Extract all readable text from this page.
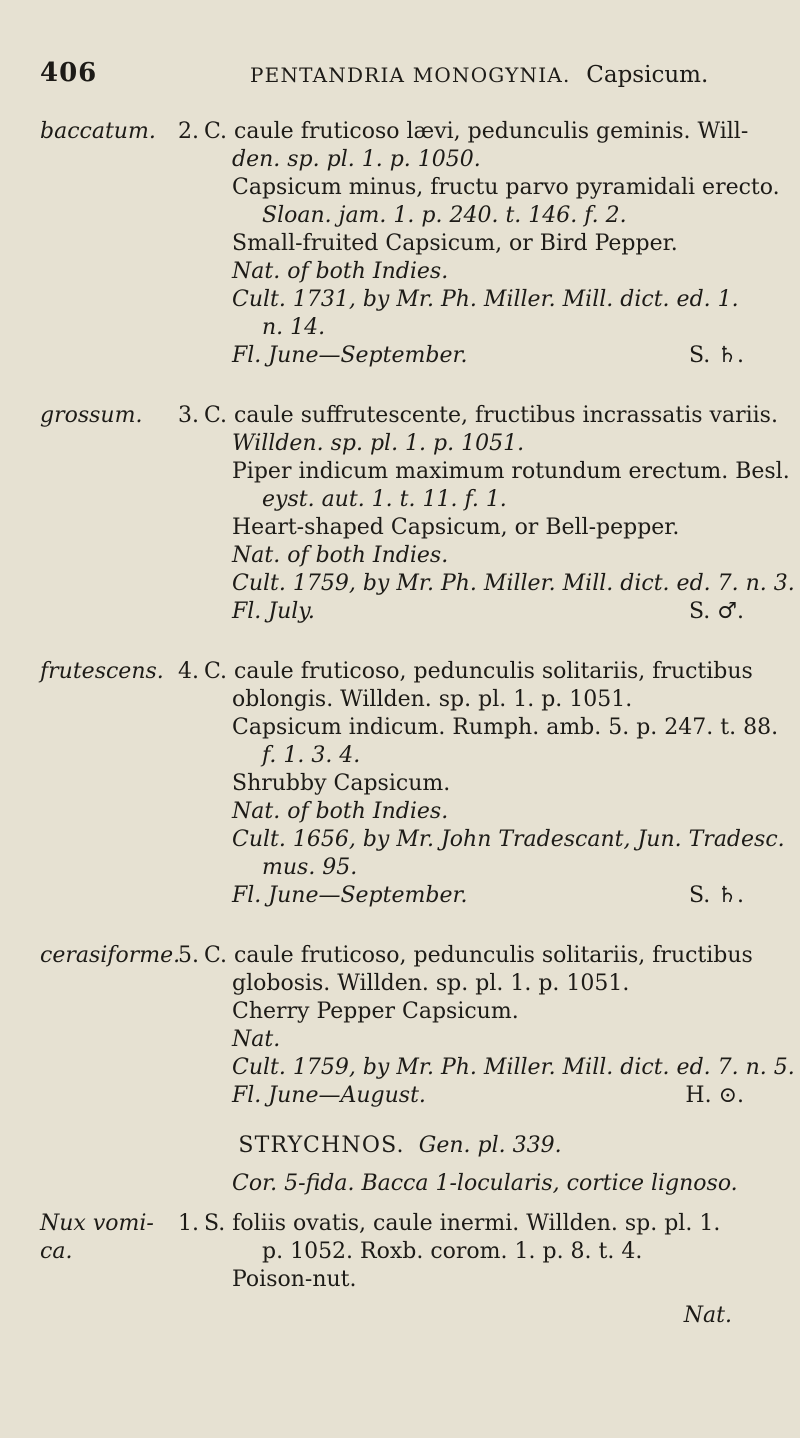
406	PENTANDRIA MONOGYNIA. Capsicum.
baccatum. 2. C. caule fruticoso lævi, pedunculis geminis. Will-
den. sp. pl. 1. p. 1050.
Capsicum minus, fructu parvo pyramidali erecto.
Sloan. jam. 1. p. 240. t. 146. f. 2.
Small-fruited Capsicum, or Bird Pepper.
Nat. of both Indies.
Cult. 1731, by Mr. Ph. Miller. Mill. dict. ed. 1.
n. 14.
Fl. June—September.	S. ♄.
grossum. 3. C. caule suffrutescente, fructibus incrassatis variis.
Willden. sp. pl. 1. p. 1051.
Piper indicum maximum rotundum erectum. Besl.
eyst. aut. 1. t. 11. f. 1.
Heart-shaped Capsicum, or Bell-pepper.
Nat. of both Indies.
Cult. 1759, by Mr. Ph. Miller. Mill. dict. ed. 7. n. 3.
Fl. July.	S. ♂.
frutescens. 4. C. caule fruticoso, pedunculis solitariis, fructibus
oblongis. Willden. sp. pl. 1. p. 1051.
Capsicum indicum. Rumph. amb. 5. p. 247. t. 88.
f. 1. 3. 4.
Shrubby Capsicum.
Nat. of both Indies.
Cult. 1656, by Mr. John Tradescant, Jun. Tradesc.
mus. 95.
Fl. June—September.	S. ♄.
cerasiforme.
5. C. caule fruticoso, pedunculis solitariis, fructibus
globosis. Willden. sp. pl. 1. p. 1051.
Cherry Pepper Capsicum.
Nat.
Cult. 1759, by Mr. Ph. Miller. Mill. dict. ed. 7. n. 5.
Fl. June—August.	H. ⊙.
STRYCHNOS. Gen. pl. 339.
Cor. 5-fida. Bacca 1-locularis, cortice lignoso.
Nux vomi-
ca.
1. S. foliis ovatis, caule inermi. Willden. sp. pl. 1.
p. 1052. Roxb. corom. 1. p. 8. t. 4.
Poison-nut.
Nat.
